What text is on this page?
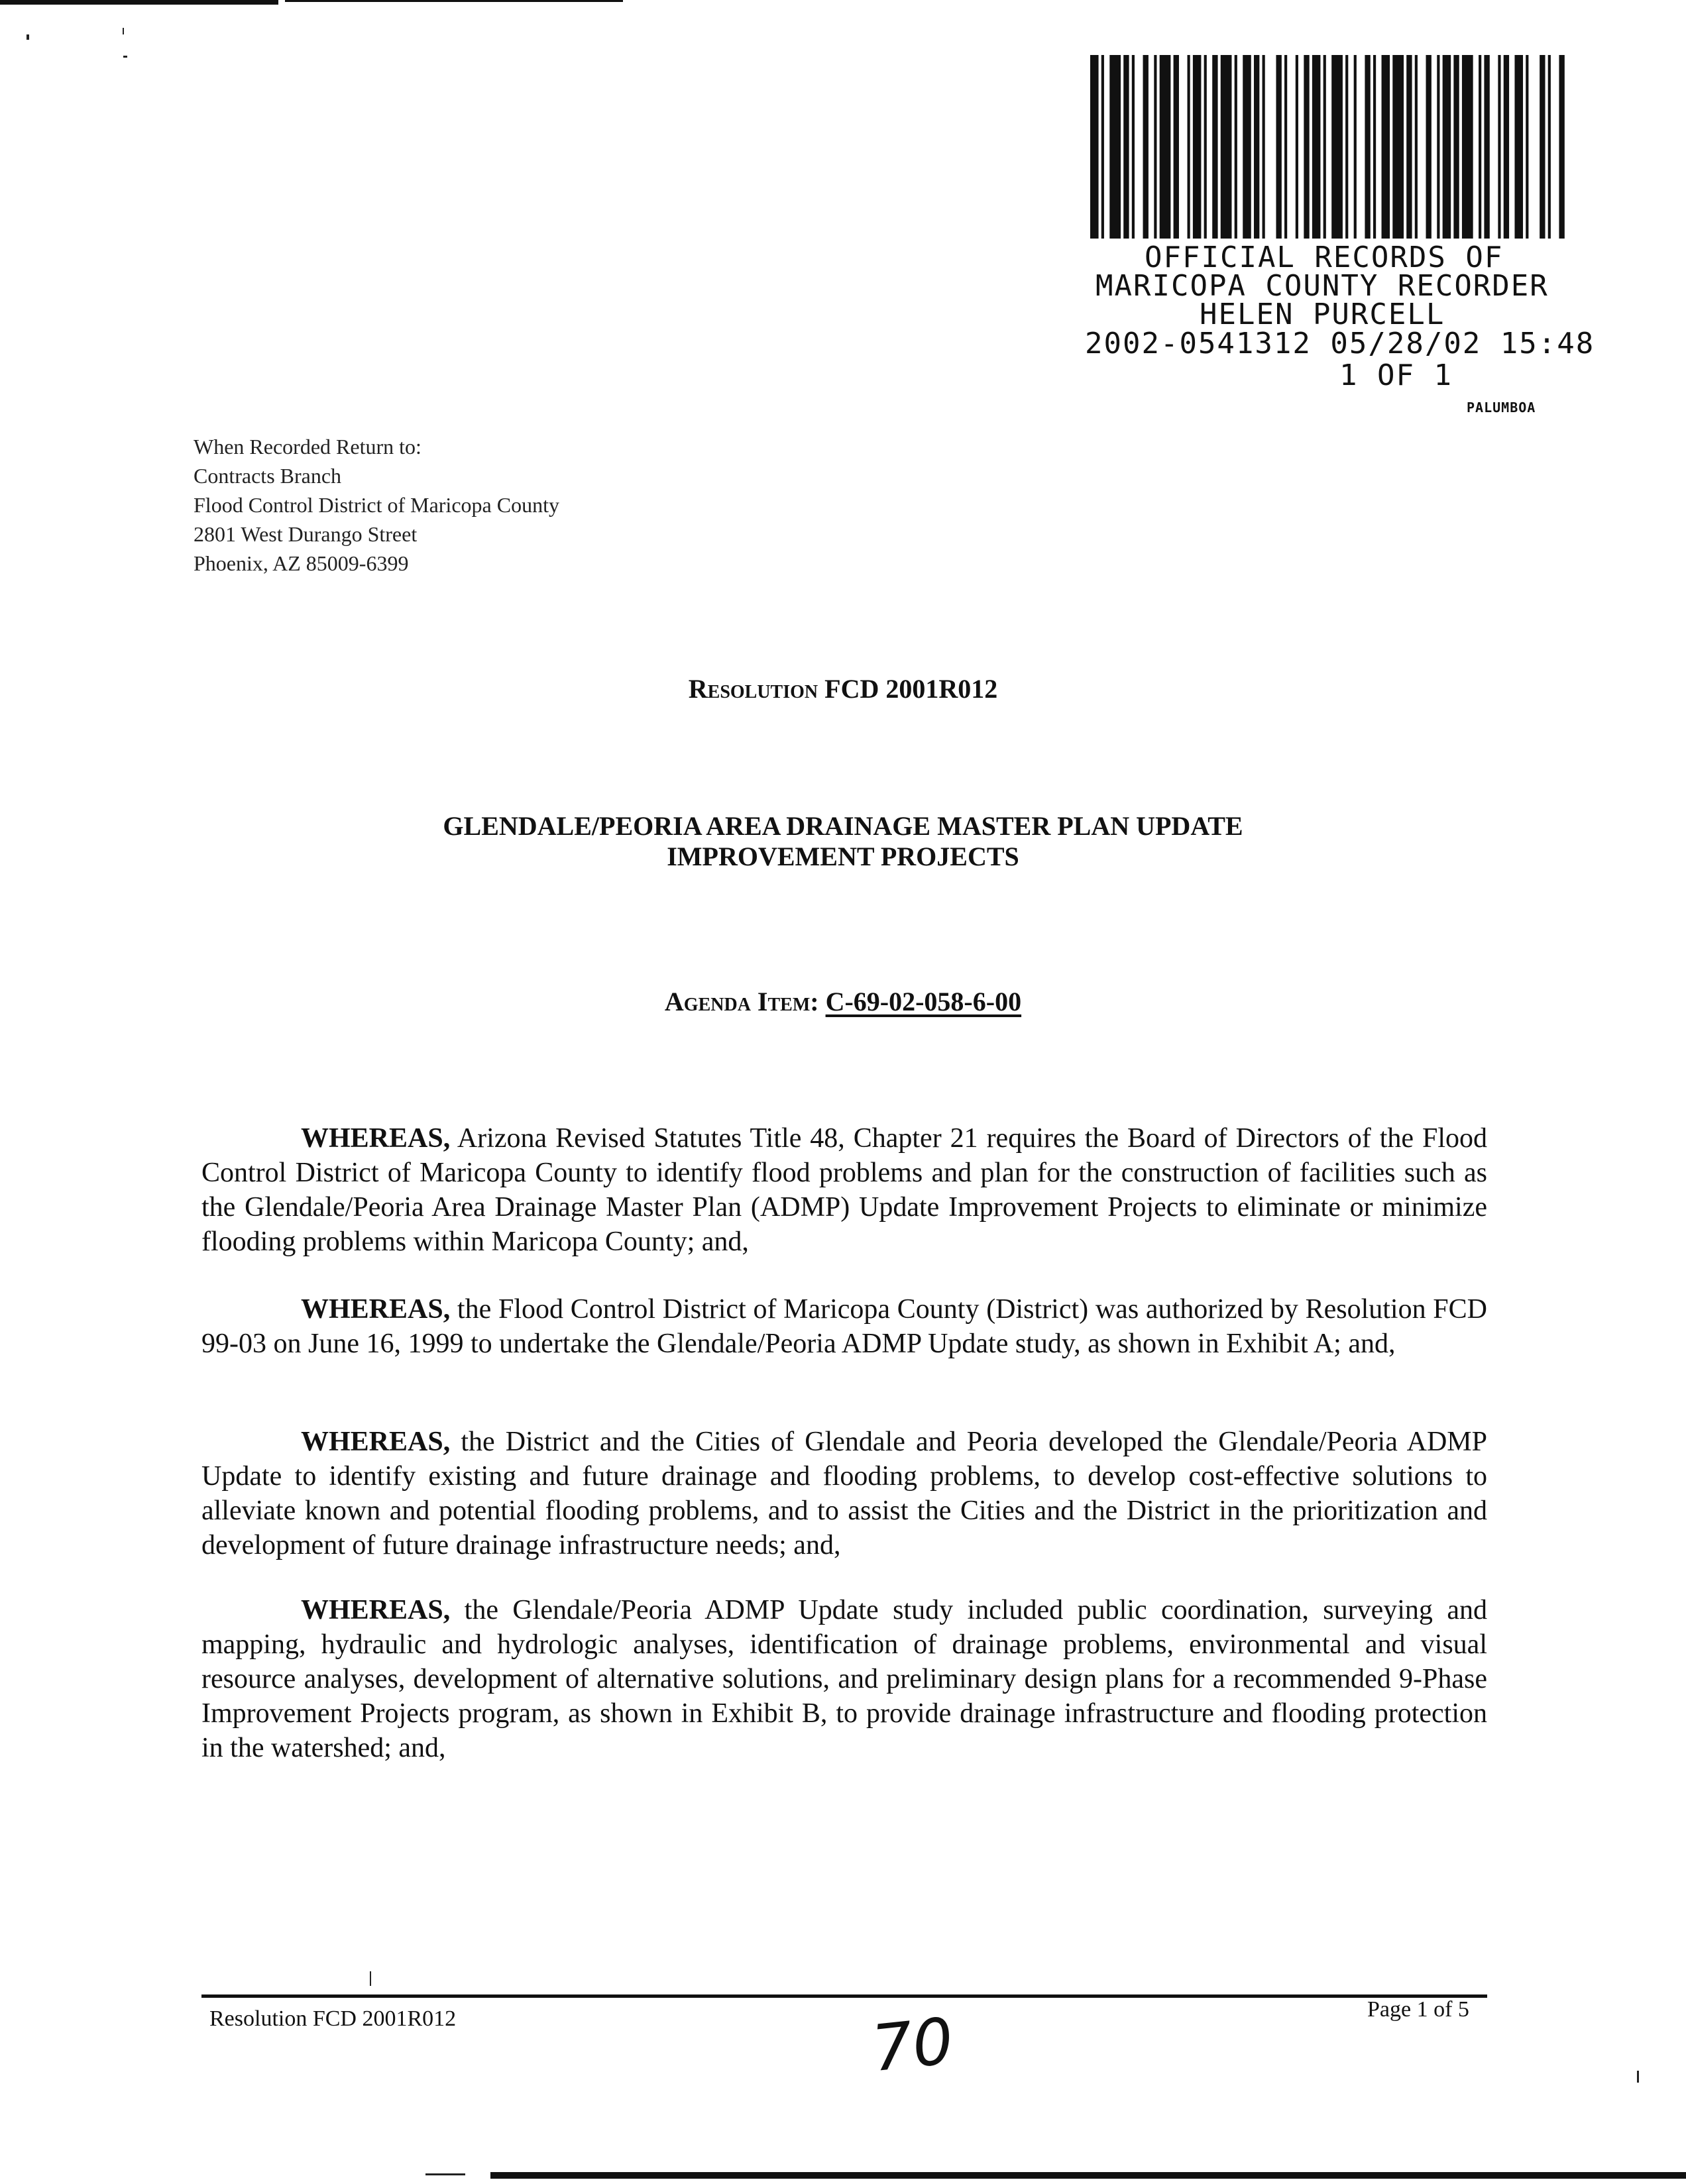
OFFICIAL RECORDS OF
MARICOPA COUNTY RECORDER
HELEN PURCELL
2002-0541312 05/28/02 15:48
1 OF 1
PALUMBOA
When Recorded Return to:
Contracts Branch
Flood Control District of Maricopa County
2801 West Durango Street
Phoenix, AZ 85009-6399
Resolution FCD 2001R012
GLENDALE/PEORIA AREA DRAINAGE MASTER PLAN UPDATE
IMPROVEMENT PROJECTS
Agenda Item: C-69-02-058-6-00
WHEREAS, Arizona Revised Statutes Title 48, Chapter 21 requires the Board of Directors of the Flood Control District of Maricopa County to identify flood problems and plan for the construction of facilities such as the Glendale/Peoria Area Drainage Master Plan (ADMP) Update Improvement Projects to eliminate or minimize flooding problems within Maricopa County; and,
WHEREAS, the Flood Control District of Maricopa County (District) was authorized by Resolution FCD 99-03 on June 16, 1999 to undertake the Glendale/Peoria ADMP Update study, as shown in Exhibit A; and,
WHEREAS, the District and the Cities of Glendale and Peoria developed the Glendale/Peoria ADMP Update to identify existing and future drainage and flooding problems, to develop cost-effective solutions to alleviate known and potential flooding problems, and to assist the Cities and the District in the prioritization and development of future drainage infrastructure needs; and,
WHEREAS, the Glendale/Peoria ADMP Update study included public coordination, surveying and mapping, hydraulic and hydrologic analyses, identification of drainage problems, environmental and visual resource analyses, development of alternative solutions, and preliminary design plans for a recommended 9-Phase Improvement Projects program, as shown in Exhibit B, to provide drainage infrastructure and flooding protection in the watershed; and,
Resolution FCD 2001R012	Page 1 of 5
70
